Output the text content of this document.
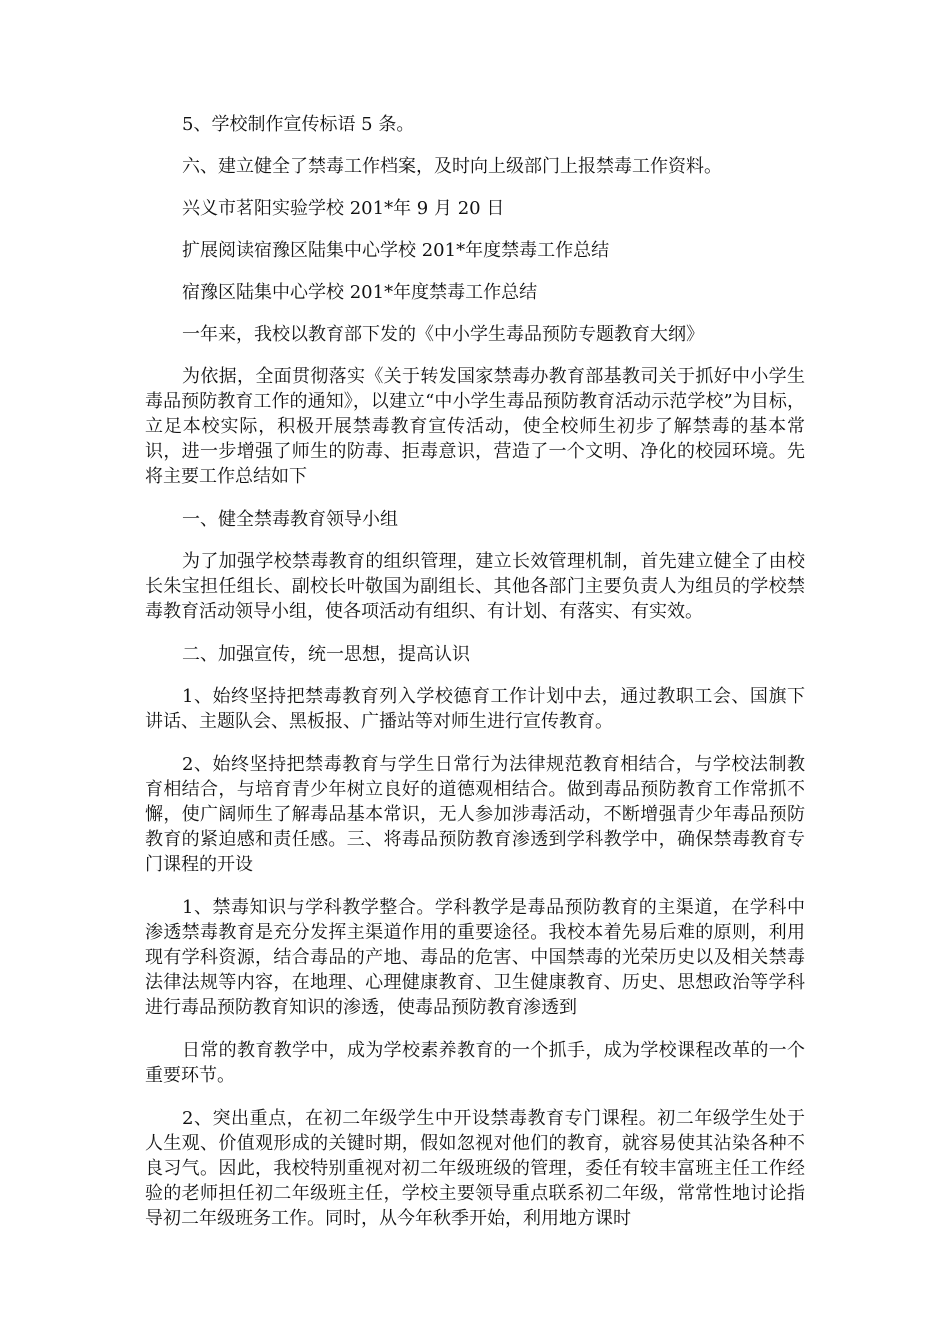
5、学校制作宣传标语 5 条。

六、建立健全了禁毒工作档案，及时向上级部门上报禁毒工作资料。

兴义市茗阳实验学校 201*年 9 月 20 日

扩展阅读宿豫区陆集中心学校 201*年度禁毒工作总结

宿豫区陆集中心学校 201*年度禁毒工作总结

一年来，我校以教育部下发的《中小学生毒品预防专题教育大纲》

为依据，全面贯彻落实《关于转发国家禁毒办教育部基教司关于抓好中小学生毒品预防教育工作的通知》，以建立“中小学生毒品预防教育活动示范学校”为目标，立足本校实际，积极开展禁毒教育宣传活动，使全校师生初步了解禁毒的基本常识，进一步增强了师生的防毒、拒毒意识，营造了一个文明、净化的校园环境。先将主要工作总结如下

一、健全禁毒教育领导小组

为了加强学校禁毒教育的组织管理，建立长效管理机制，首先建立健全了由校长朱宝担任组长、副校长叶敬国为副组长、其他各部门主要负责人为组员的学校禁毒教育活动领导小组，使各项活动有组织、有计划、有落实、有实效。

二、加强宣传，统一思想，提高认识

1、始终坚持把禁毒教育列入学校德育工作计划中去，通过教职工会、国旗下讲话、主题队会、黑板报、广播站等对师生进行宣传教育。

2、始终坚持把禁毒教育与学生日常行为法律规范教育相结合，与学校法制教育相结合，与培育青少年树立良好的道德观相结合。做到毒品预防教育工作常抓不懈，使广阔师生了解毒品基本常识，无人参加涉毒活动，不断增强青少年毒品预防教育的紧迫感和责任感。三、将毒品预防教育渗透到学科教学中，确保禁毒教育专门课程的开设

1、禁毒知识与学科教学整合。学科教学是毒品预防教育的主渠道，在学科中渗透禁毒教育是充分发挥主渠道作用的重要途径。我校本着先易后难的原则，利用现有学科资源，结合毒品的产地、毒品的危害、中国禁毒的光荣历史以及相关禁毒法律法规等内容，在地理、心理健康教育、卫生健康教育、历史、思想政治等学科进行毒品预防教育知识的渗透，使毒品预防教育渗透到

日常的教育教学中，成为学校素养教育的一个抓手，成为学校课程改革的一个重要环节。

2、突出重点，在初二年级学生中开设禁毒教育专门课程。初二年级学生处于人生观、价值观形成的关键时期，假如忽视对他们的教育，就容易使其沾染各种不良习气。因此，我校特别重视对初二年级班级的管理，委任有较丰富班主任工作经验的老师担任初二年级班主任，学校主要领导重点联系初二年级，常常性地讨论指导初二年级班务工作。同时，从今年秋季开始，利用地方课时
